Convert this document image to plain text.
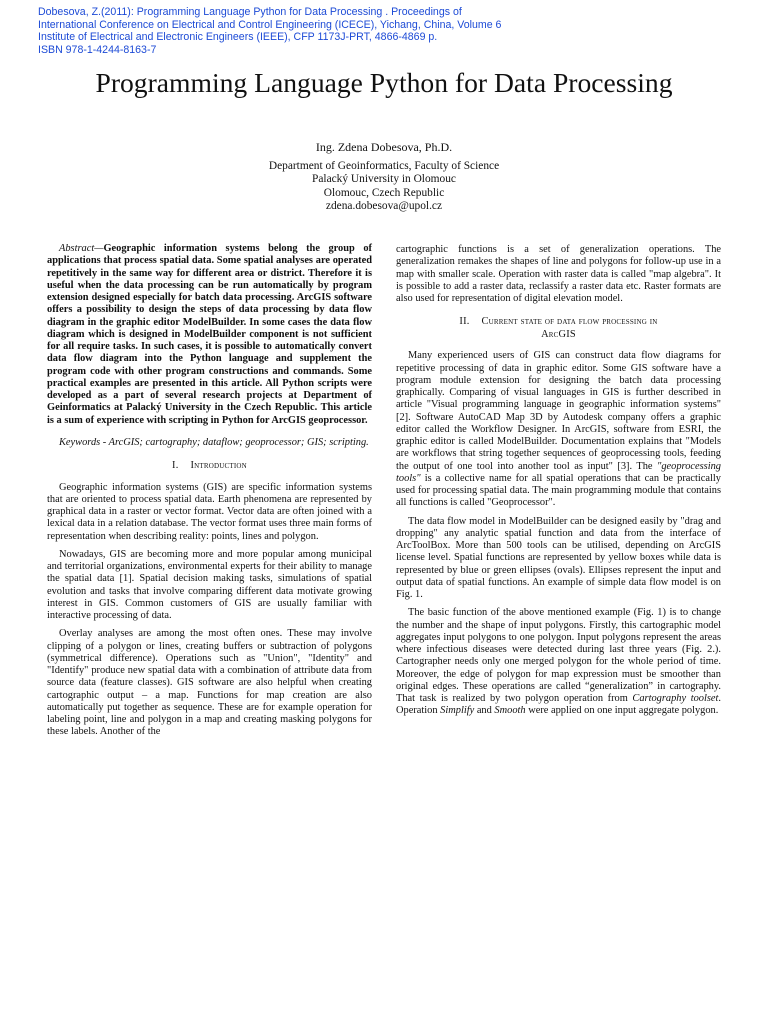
Dobesova, Z.(2011): Programming Language Python for Data Processing . Proceedings of
International Conference on Electrical and Control Engineering (ICECE), Yichang, China, Volume 6
Institute of Electrical and Electronic Engineers (IEEE), CFP 1173J-PRT, 4866-4869 p.
ISBN 978-1-4244-8163-7
Programming Language Python for Data Processing
Ing. Zdena Dobesova, Ph.D.
Department of Geoinformatics, Faculty of Science
Palacký University in Olomouc
Olomouc, Czech Republic
zdena.dobesova@upol.cz

Abstract—Geographic information systems belong the group of applications that process spatial data. Some spatial analyses are operated repetitively in the same way for different area or district. Therefore it is useful when the data processing can be run automatically by program extension designed especially for batch data processing. ArcGIS software offers a possibility to design the steps of data processing by data flow diagram in the graphic editor ModelBuilder. In some cases the data flow diagram which is designed in ModelBuilder component is not sufficient for all require tasks. In such cases, it is possible to automatically convert data flow diagram into the Python language and supplement the program code with other program constructions and commands. Some practical examples are presented in this article. All Python scripts were developed as a part of several research projects at Department of Geinformatics at Palacký University in the Czech Republic. This article is a sum of experience with scripting in Python for ArcGIS geoprocessor.

Keywords - ArcGIS; cartography; dataflow; geoprocessor; GIS; scripting.

I. Introduction

Geographic information systems (GIS) are specific information systems that are oriented to process spatial data. Earth phenomena are represented by graphical data in a raster or vector format. Vector data are often joined with a lexical data in a relation database. The vector format uses three main forms of representation when describing reality: points, lines and polygon.

Nowadays, GIS are becoming more and more popular among municipal and territorial organizations, environmental experts for their ability to manage the spatial data [1]. Spatial decision making tasks, simulations of spatial evolution and tasks that involve comparing different data motivate growing interest in GIS. Common customers of GIS are usually familiar with interactive processing of data.

Overlay analyses are among the most often ones. These may involve clipping of a polygon or lines, creating buffers or subtraction of polygons (symmetrical difference). Operations such as "Union", "Identity" and "Identify" produce new spatial data with a combination of attribute data from source data (feature classes). GIS software are also helpful when creating cartographic output – a map. Functions for map creation are also automatically put together as sequence. These are for example operation for labeling point, line and polygon in a map and creating masking polygons for these labels. Another of the

cartographic functions is a set of generalization operations. The generalization remakes the shapes of line and polygons for follow-up use in a map with smaller scale. Operation with raster data is called "map algebra". It is possible to add a raster data, reclassify a raster data etc. Raster formats are also used for representation of digital elevation model.

II. Current state of data flow processing in
ArcGIS

Many experienced users of GIS can construct data flow diagrams for repetitive processing of data in graphic editor. Some GIS software have a program module extension for designing the batch data processing graphically. Comparing of visual languages in GIS is further described in article "Visual programming language in geographic information systems" [2]. Software AutoCAD Map 3D by Autodesk company offers a graphic editor called the Workflow Designer. In ArcGIS, software from ESRI, the graphic editor is called ModelBuilder. Documentation explains that "Models are workflows that string together sequences of geoprocessing tools, feeding the output of one tool into another tool as input" [3]. The "geoprocessing tools" is a collective name for all spatial operations that can be practically used for processing spatial data. The main programming module that contains all functions is called "Geoprocessor".

The data flow model in ModelBuilder can be designed easily by "drag and dropping" any analytic spatial function and data from the interface of ArcToolBox. More than 500 tools can be utilised, depending on ArcGIS license level. Spatial functions are represented by yellow boxes while data is represented by blue or green ellipses (ovals). Ellipses represent the input and output data of spatial functions. An example of simple data flow model is on Fig. 1.

The basic function of the above mentioned example (Fig. 1) is to change the number and the shape of input polygons. Firstly, this cartographic model aggregates input polygons to one polygon. Input polygons represent the areas where infectious diseases were detected during last three years (Fig. 2.). Cartographer needs only one merged polygon for the whole period of time. Moreover, the edge of polygon for map expression must be smoother than original edges. These operations are called “generalization” in cartography. That task is realized by two polygon operation from Cartography toolset. Operation Simplify and Smooth were applied on one input aggregate polygon.
